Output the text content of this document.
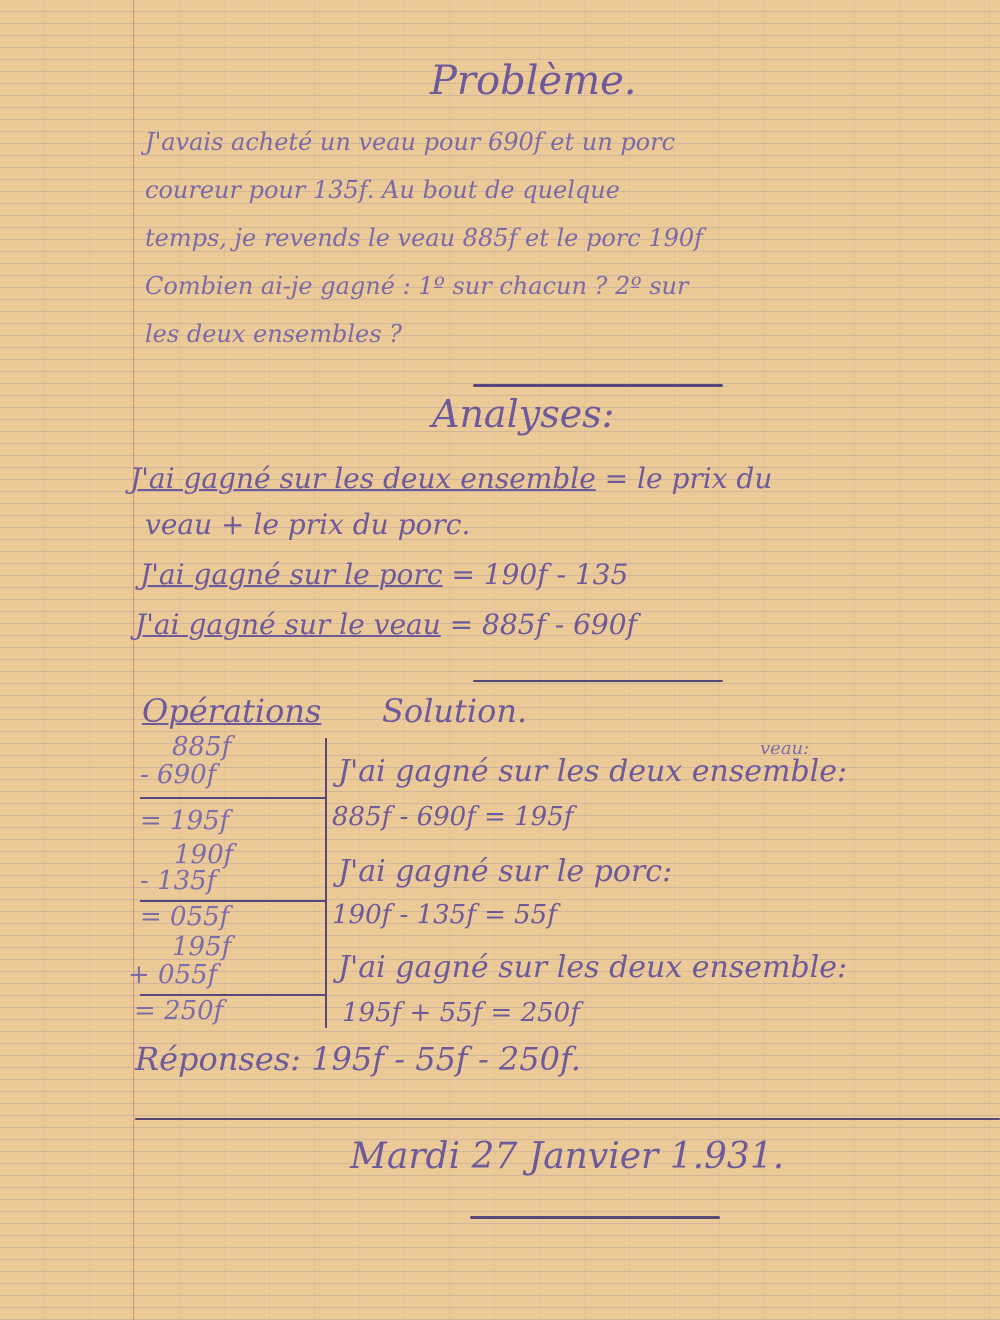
Problème.
J'avais acheté un veau pour 690f et un porc
coureur pour 135f. Au bout de quelque
temps, je revends le veau 885f et le porc 190f
Combien ai-je gagné : 1º sur chacun ? 2º sur
les deux ensembles ?
Analyses:
J'ai gagné sur les deux ensemble = le prix du
veau + le prix du porc.
J'ai gagné sur le porc = 190f - 135
J'ai gagné sur le veau = 885f - 690f
Opérations Solution.
885f
- 690f
= 195f
190f
- 135f
= 055f
195f
+ 055f
= 250f
veau:
J'ai gagné sur les deux ensemble:
885f - 690f = 195f
J'ai gagné sur le porc:
190f - 135f = 55f
J'ai gagné sur les deux ensemble:
195f + 55f = 250f
Réponses: 195f - 55f - 250f.
Mardi 27 Janvier 1.931.
